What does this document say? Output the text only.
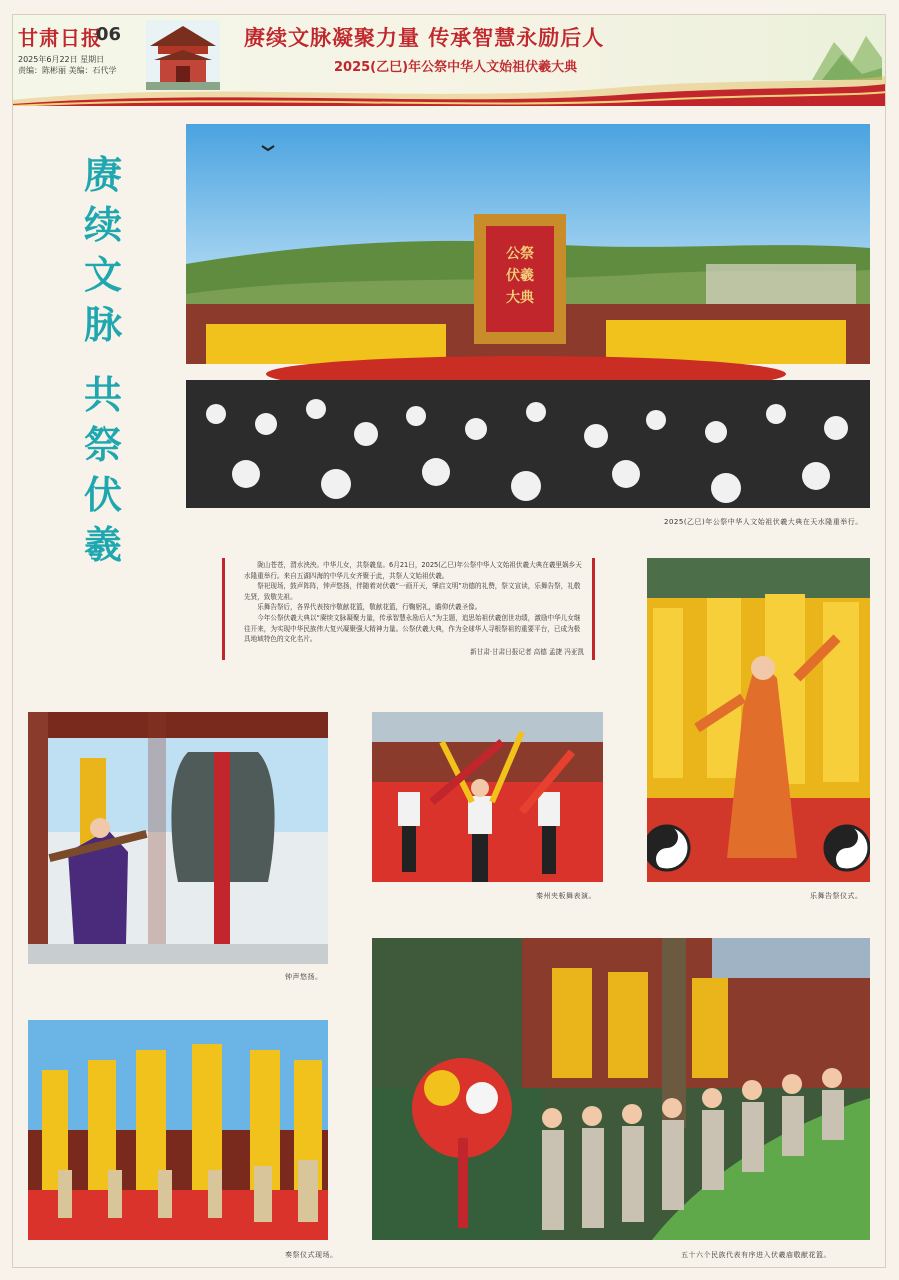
甘肃日报
06
2025年6月22日 星期日
责编：陈彬丽 美编：石代学
赓续文脉凝聚力量 传承智慧永励后人
2025(乙巳)年公祭中华人文始祖伏羲大典
赓
续
文
脉
共
祭
伏
羲
公祭
伏羲
大典
2025(乙巳)年公祭中华人文始祖伏羲大典在天水隆重举行。

陇山苍苍，渭水泱泱。中华儿女，共祭羲皇。6月21日，2025(乙巳)年公祭中华人文始祖伏羲大典在羲里娲乡天水隆重举行。来自五湖四海的中华儿女齐聚于此，共祭人文始祖伏羲。

祭祀现场，鼓声阵阵，钟声悠扬，伴随着对伏羲“一画开天，肇启文明”功德的礼赞，祭文宣读，乐舞告祭，礼敬先贤，致敬先祖。

乐舞告祭后，各界代表按序敬献花篮，敬献花篮，行鞠躬礼，瞻仰伏羲圣像。

今年公祭伏羲大典以“赓续文脉凝聚力量，传承智慧永励后人”为主题，追思始祖伏羲创世功绩，激励中华儿女继往开来，为实现中华民族伟大复兴凝聚强大精神力量。公祭伏羲大典，作为全球华人寻根祭祖的重要平台，已成为极具地域特色的文化名片。

新甘肃·甘肃日报记者 高德 孟捷 冯亚凯
乐舞告祭仪式。
秦州夹板舞表演。
钟声悠扬。
奏祭仪式现场。	五十六个民族代表有序进入伏羲庙敬献花篮。
